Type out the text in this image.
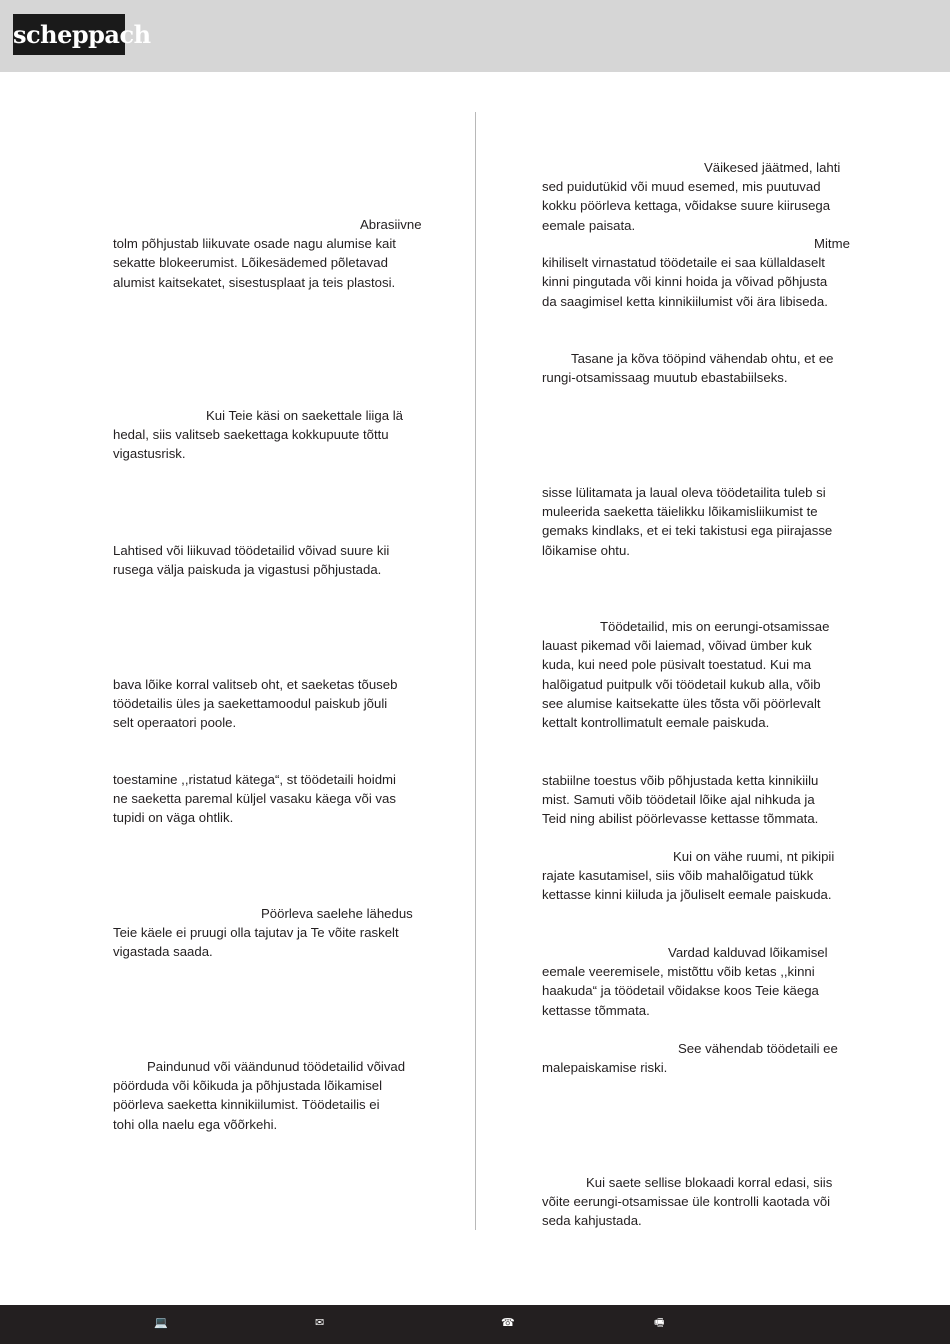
scheppach
Abrasiivne
tolm põhjustab liikuvate osade nagu alumise kait
sekatte blokeerumist. Lõikesädemed põletavad
alumist kaitsekatet, sisestusplaat ja teis plastosi.
Kui Teie käsi on saekettale liiga lä
hedal, siis valitseb saekettaga kokkupuute tõttu
vigastusrisk.
Lahtised või liikuvad töödetailid võivad suure kii
rusega välja paiskuda ja vigastusi põhjustada.
bava lõike korral valitseb oht, et saeketas tõuseb
töödetailis üles ja saekettamoodul paiskub jõuli
selt operaatori poole.
toestamine ,,ristatud kätega“, st töödetaili hoidmi
ne saeketta paremal küljel vasaku käega või vas
tupidi on väga ohtlik.
Pöörleva saelehe lähedus
Teie käele ei pruugi olla tajutav ja Te võite raskelt
vigastada saada.
Paindunud või väändunud töödetailid võivad
pöörduda või kõikuda ja põhjustada lõikamisel
pöörleva saeketta kinnikiilumist. Töödetailis ei
tohi olla naelu ega võõrkehi.
Väikesed jäätmed, lahti
sed puidutükid või muud esemed, mis puutuvad
kokku pöörleva kettaga, võidakse suure kiirusega
eemale paisata.
Mitme
kihiliselt virnastatud töödetaile ei saa küllaldaselt
kinni pingutada või kinni hoida ja võivad põhjusta
da saagimisel ketta kinnikiilumist või ära libiseda.
Tasane ja kõva tööpind vähendab ohtu, et ee
rungi-otsamissaag muutub ebastabiilseks.
sisse lülitamata ja laual oleva töödetailita tuleb si
muleerida saeketta täielikku lõikamisliikumist te
gemaks kindlaks, et ei teki takistusi ega piirajasse
lõikamise ohtu.
Töödetailid, mis on eerungi-otsamissae
lauast pikemad või laiemad, võivad ümber kuk
kuda, kui need pole püsivalt toestatud. Kui ma
halõigatud puitpulk või töödetail kukub alla, võib
see alumise kaitsekatte üles tõsta või pöörlevalt
kettalt kontrollimatult eemale paiskuda.
stabiilne toestus võib põhjustada ketta kinnikiilu
mist. Samuti võib töödetail lõike ajal nihkuda ja
Teid ning abilist pöörlevasse kettasse tõmmata.
Kui on vähe ruumi, nt pikipii
rajate kasutamisel, siis võib mahalõigatud tükk
kettasse kinni kiiluda ja jõuliselt eemale paiskuda.
Vardad kalduvad lõikamisel
eemale veeremisele, mistõttu võib ketas ,,kinni
haakuda“ ja töödetail võidakse koos Teie käega
kettasse tõmmata.
See vähendab töödetaili ee
malepaiskamise riski.
Kui saete sellise blokaadi korral edasi, siis
võite eerungi-otsamissae üle kontrolli kaotada või
seda kahjustada.
💻	✉	☎	🖷
